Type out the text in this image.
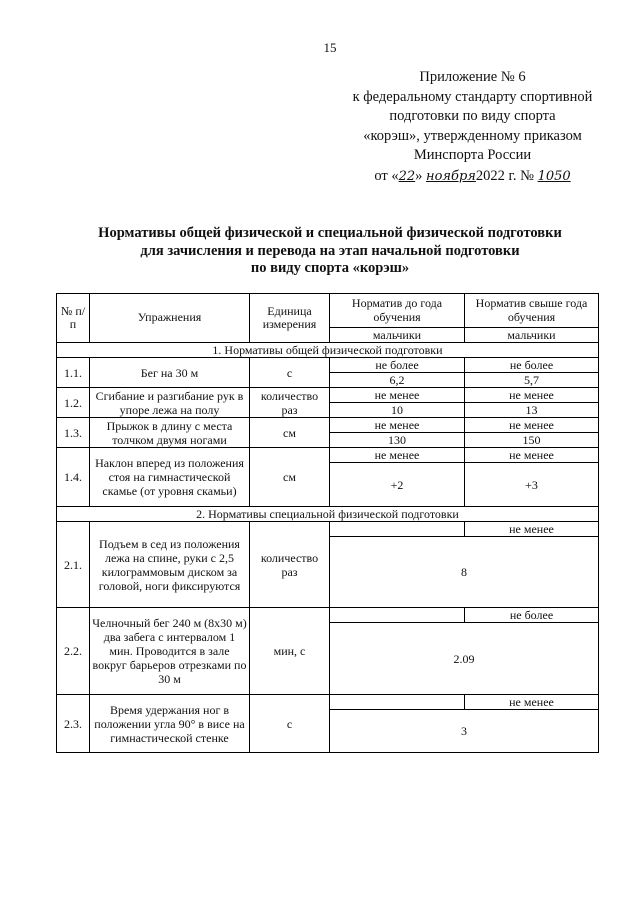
15
Приложение № 6
к федеральному стандарту спортивной
подготовки по виду спорта
«корэш», утвержденному приказом
Минспорта России
от «22» ноября2022 г. № 1050
Нормативы общей физической и специальной физической подготовки
для зачисления и перевода на этап начальной подготовки
по виду спорта «корэш»
№ п/п	Упражнения	Единица измерения	Норматив до года обучения	Норматив свыше года обучения
			мальчики	мальчики
1. Нормативы общей физической подготовки				
1.1.	Бег на 30 м	с	не более	не более
			6,2	5,7
1.2.	Сгибание и разгибание рук в упоре лежа на полу	количество раз	не менее	не менее
			10	13
1.3.	Прыжок в длину с места толчком двумя ногами	см	не менее	не менее
			130	150
1.4.	Наклон вперед из положения стоя на гимнастической скамье (от уровня скамьи)	см	не менее	не менее
			+2	+3
2. Нормативы специальной физической подготовки				
2.1.	Подъем в сед из положения лежа на спине, руки с 2,5 килограммовым диском за головой, ноги фиксируются	количество раз		не менее
			8	
2.2.	Челночный бег 240 м (8х30 м) два забега с интервалом 1 мин. Проводится в зале вокруг барьеров отрезками по 30 м	мин, с		не более
			2.09	
2.3.	Время удержания ног в положении угла 90° в висе на гимнастической стенке	с		не менее
			3	
